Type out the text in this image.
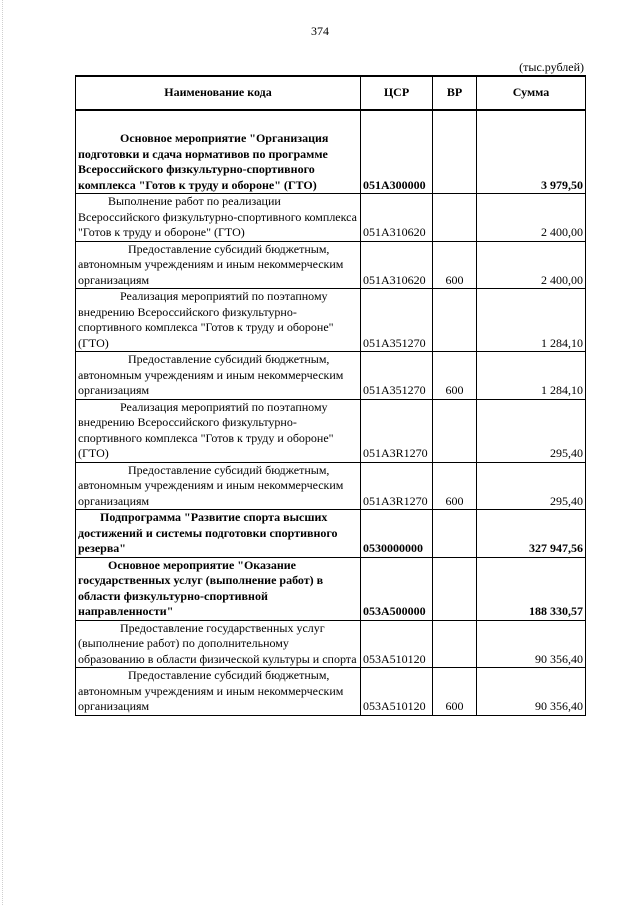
374
(тыс.рублей)
Наименование кода	ЦСР	ВР	Сумма
Основное мероприятие "Организация подготовки и сдача нормативов по программе Всероссийского физкультурно-спортивного комплекса "Готов к труду и обороне" (ГТО)	051А300000		3 979,50
Выполнение работ по реализации Всероссийского физкультурно-спортивного комплекса "Готов к труду и обороне" (ГТО)	051А310620		2 400,00
Предоставление субсидий бюджетным, автономным учреждениям и иным некоммерческим организациям	051А310620	600	2 400,00
Реализация мероприятий по поэтапному внедрению Всероссийского физкультурно-спортивного комплекса "Готов к труду и обороне" (ГТО)	051А351270		1 284,10
Предоставление субсидий бюджетным, автономным учреждениям и иным некоммерческим организациям	051А351270	600	1 284,10
Реализация мероприятий по поэтапному внедрению Всероссийского физкультурно-спортивного комплекса "Готов к труду и обороне" (ГТО)	051А3R1270		295,40
Предоставление субсидий бюджетным, автономным учреждениям и иным некоммерческим организациям	051А3R1270	600	295,40
Подпрограмма "Развитие спорта высших достижений и системы подготовки спортивного резерва"	0530000000		327 947,56
Основное мероприятие "Оказание государственных услуг (выполнение работ) в области физкультурно-спортивной направленности"	053А500000		188 330,57
Предоставление государственных услуг (выполнение работ) по дополнительному образованию в области физической культуры и спорта	053А510120		90 356,40
Предоставление субсидий бюджетным, автономным учреждениям и иным некоммерческим организациям	053А510120	600	90 356,40
